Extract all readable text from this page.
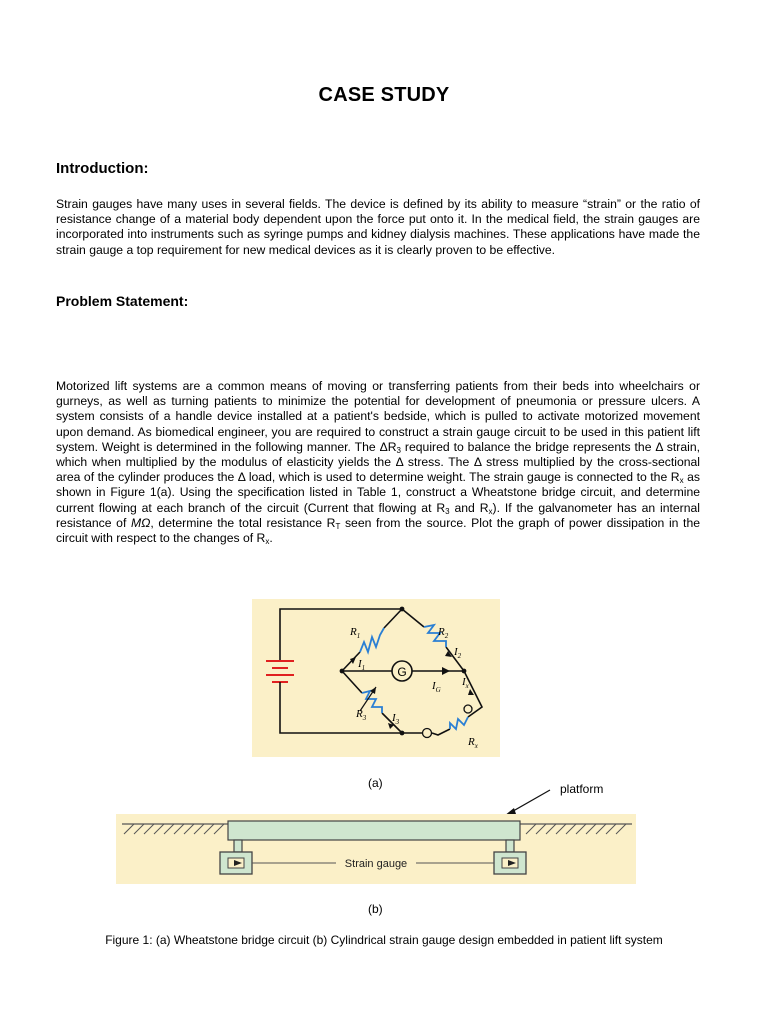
CASE STUDY
Introduction:
Strain gauges have many uses in several fields. The device is defined by its ability to measure “strain” or the ratio of resistance change of a material body dependent upon the force put onto it. In the medical field, the strain gauges are incorporated into instruments such as syringe pumps and kidney dialysis machines. These applications have made the strain gauge a top requirement for new medical devices as it is clearly proven to be effective.
Problem Statement:
Motorized lift systems are a common means of moving or transferring patients from their beds into wheelchairs or gurneys, as well as turning patients to minimize the potential for development of pneumonia or pressure ulcers. A system consists of a handle device installed at a patient's bedside, which is pulled to activate motorized movement upon demand. As biomedical engineer, you are required to construct a strain gauge circuit to be used in this patient lift system. Weight is determined in the following manner. The $\Delta R_3$ required to balance the bridge represents the Δ strain, which when multiplied by the modulus of elasticity yields the Δ stress. The Δ stress multiplied by the cross-sectional area of the cylinder produces the Δ load, which is used to determine weight. The strain gauge is connected to the $R_x$ as shown in Figure 1(a). Using the specification listed in Table 1, construct a Wheatstone bridge circuit, and determine current flowing at each branch of the circuit (Current that flowing at $R_3$ and $R_x$). If the galvanometer has an internal resistance of MΩ, determine the total resistance $R_T$ seen from the source. Plot the graph of power dissipation in the circuit with respect to the changes of $R_x$.
G
$R_1$	$R_2$
$R_3$
$R_x$
$I_1$
$I_2$
$I_3$
$I_G$
$I_x$
(a)	platform
Strain gauge
(b)
Figure 1: (a) Wheatstone bridge circuit (b) Cylindrical strain gauge design embedded in patient lift system
